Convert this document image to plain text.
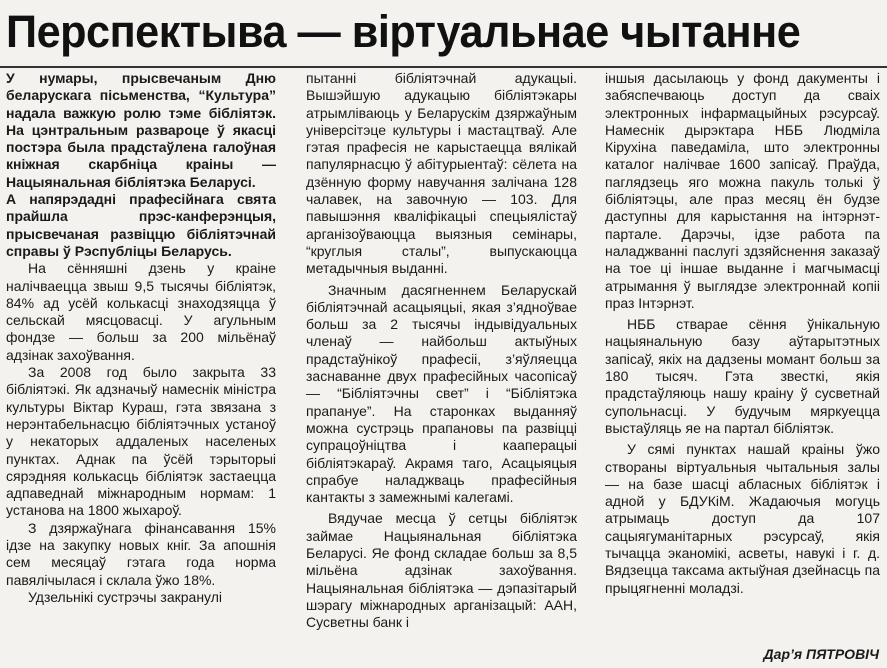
Перспектыва — віртуальнае чытанне

У нумары, прысвечаным Дню беларускага пісьменства, “Культура” надала важкую ролю тэме бібліятэк. На цэнтральным развароце ў якасці постэра была прадстаўлена галоўная кніжная скарбніца краіны — Нацыянальная бібліятэка Беларусі.

А напярэдадні прафесійнага свята прайшла прэс-канферэнцыя, прысвечаная развіццю бібліятэчнай справы ў Рэспубліцы Беларусь.

На сённяшні дзень у краіне налічваецца звыш 9,5 тысячы бібліятэк, 84% ад усёй колькасці знаходзяцца ў сельскай мясцовасці. У агульным фондзе — больш за 200 мільёнаў адзінак захоўвання.

За 2008 год было закрыта 33 бібліятэкі. Як адзначыў намеснік міністра культуры Віктар Кураш, гэта звязана з нерэнтабельнасцю бібліятэчных устаноў у некаторых аддаленых населеных пунктах. Аднак па ўсёй тэрыторыі сярэдняя колькасць бібліятэк застаецца адпаведнай міжнародным нормам: 1 установа на 1800 жыхароў.

З дзяржаўнага фінансавання 15% ідзе на закупку новых кніг. За апошнія сем месяцаў гэтага года норма павялічылася і склала ўжо 18%.

Удзельнікі сустрэчы закранулі

пытанні бібліятэчнай адукацыі. Вышэйшую адукацыю бібліятэкары атрымліваюць у Беларускім дзяржаўным універсітэце культуры і мастацтваў. Але гэтая прафесія не карыстаецца вялікай папулярнасцю ў абітурыентаў: сёлета на дзённую форму навучання залічана 128 чалавек, на завочную — 103. Для павышэння кваліфікацыі спецыялістаў арганізоўваюцца выязныя семінары, “круглыя сталы”, выпускаюцца метадычныя выданні.

Значным дасягненнем Беларускай бібліятэчнай асацыяцыі, якая з’ядноўвае больш за 2 тысячы індывідуальных членаў — найбольш актыўных прадстаўнікоў прафесіі, з’яўляецца заснаванне двух прафесійных часопісаў — “Бібліятэчны свет” і “Бібліятэка прапануе”. На старонках выданняў можна сустрэць прапановы па развіцці супрацоўніцтва і кааперацыі бібліятэкараў. Акрамя таго, Асацыяцыя спрабуе наладжваць прафесійныя кантакты з замежнымі калегамі.

Вядучае месца ў сетцы бібліятэк займае Нацыянальная бібліятэка Беларусі. Яе фонд складае больш за 8,5 мільёна адзінак захоўвання. Нацыянальная бібліятэка — дэпазітарый шэрагу міжнародных арганізацый: ААН, Сусветны банк і

іншыя дасылаюць у фонд дакументы і забяспечваюць доступ да сваіх электронных інфармацыйных рэсурсаў. Намеснік дырэктара НББ Людміла Кірухіна паведаміла, што электронны каталог налічвае 1600 запісаў. Праўда, паглядзець яго можна пакуль толькі ў бібліятэцы, але праз месяц ён будзе даступны для карыстання на інтэрнэт-партале. Дарэчы, ідзе работа па наладжванні паслугі здзяйснення заказаў на тое ці іншае выданне і магчымасці атрымання ў выглядзе электроннай копіі праз Інтэрнэт.

НББ стварае сёння ўнікальную нацыянальную базу аўтарытэтных запісаў, якіх на дадзены момант больш за 180 тысяч. Гэта звесткі, якія прадстаўляюць нашу краіну ў сусветнай супольнасці. У будучым мяркуецца выстаўляць яе на партал бібліятэк.

У сямі пунктах нашай краіны ўжо створаны віртуальныя чытальныя залы — на базе шасці абласных бібліятэк і адной у БДУКіМ. Жадаючыя могуць атрымаць доступ да 107 сацыягуманітарных рэсурсаў, якія тычацца эканомікі, асветы, навукі і г. д. Вядзецца таксама актыўная дзейнасць па прыцягненні моладзі.

Дар’я ПЯТРОВІЧ
